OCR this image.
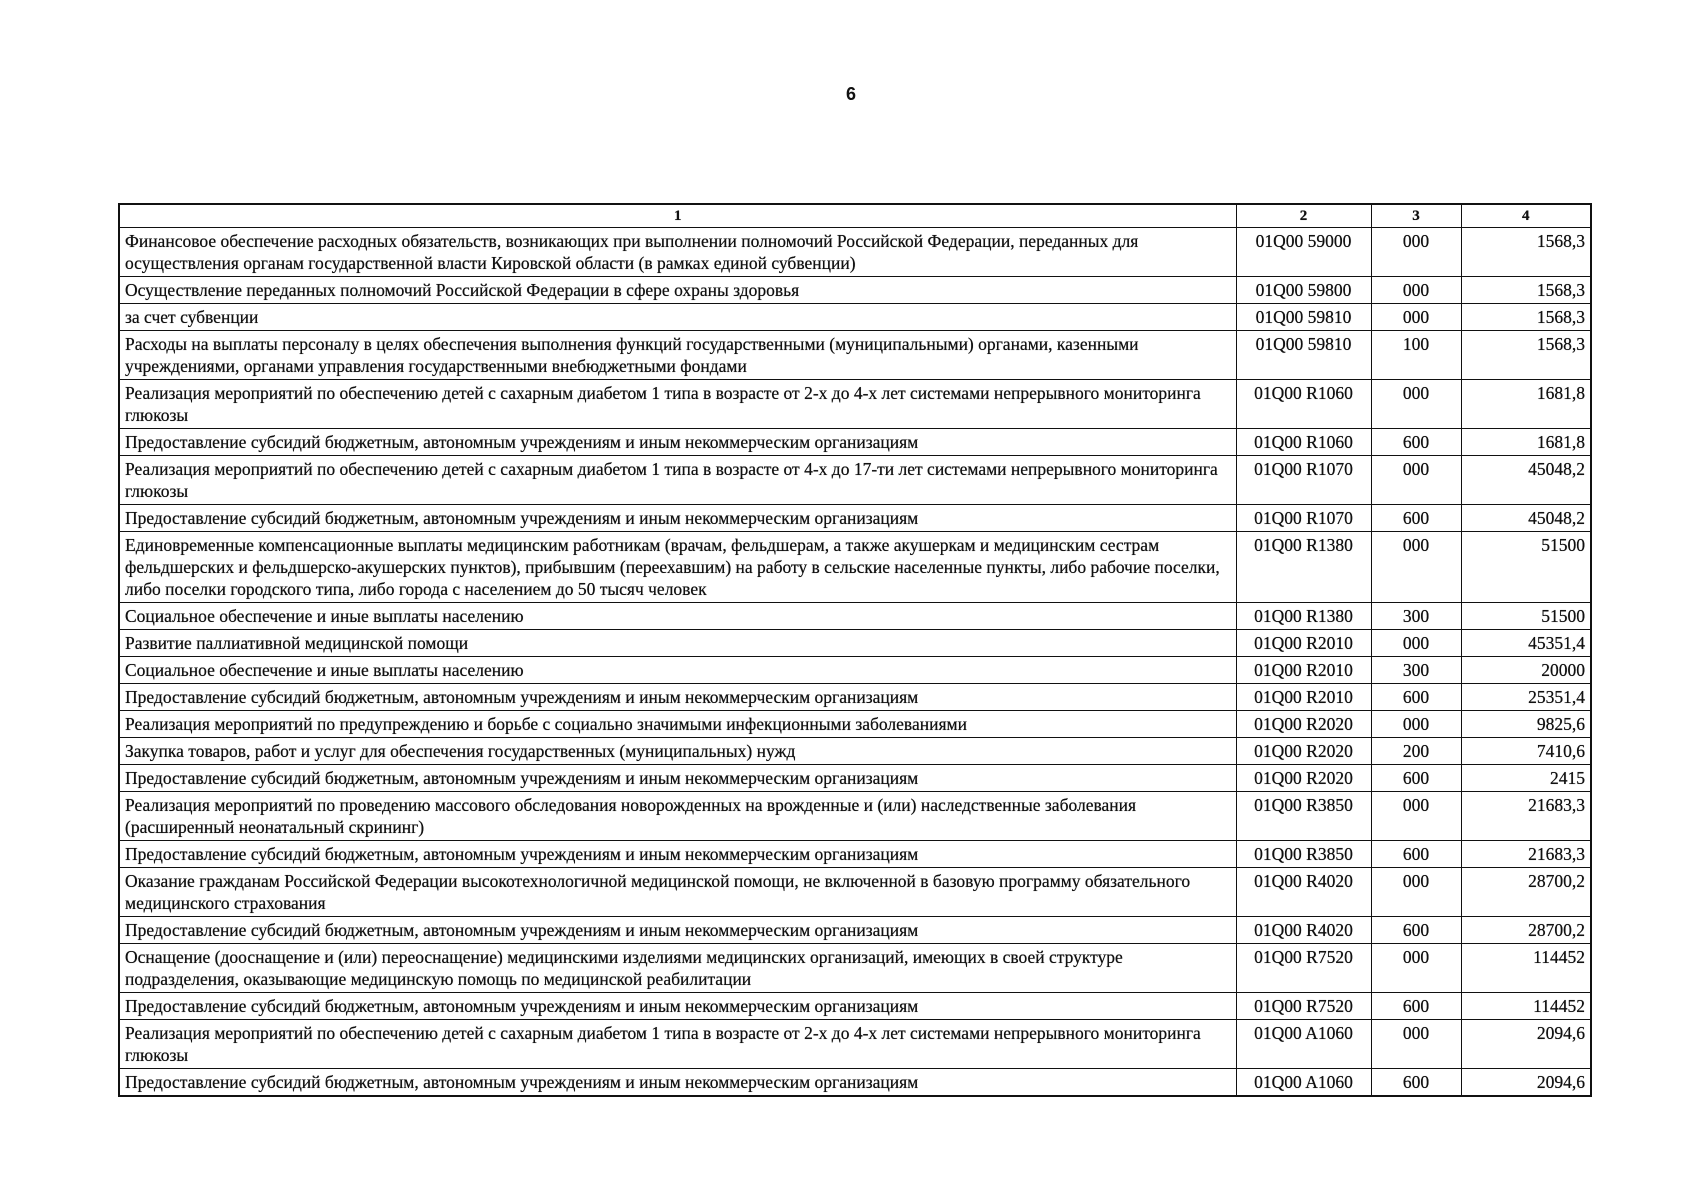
6
1	2	3	4
Финансовое обеспечение расходных обязательств, возникающих при выполнении полномочий Российской Федерации, переданных для осуществления органам государственной власти Кировской области (в рамках единой субвенции)	01Q00 59000	000	1568,3
Осуществление переданных полномочий Российской Федерации в сфере охраны здоровья	01Q00 59800	000	1568,3
за счет субвенции	01Q00 59810	000	1568,3
Расходы на выплаты персоналу в целях обеспечения выполнения функций государственными (муниципальными) органами, казенными учреждениями, органами управления государственными внебюджетными фондами	01Q00 59810	100	1568,3
Реализация мероприятий по обеспечению детей с сахарным диабетом 1 типа в возрасте от 2-х до 4-х лет системами непрерывного мониторинга глюкозы	01Q00 R1060	000	1681,8
Предоставление субсидий бюджетным, автономным учреждениям и иным некоммерческим организациям	01Q00 R1060	600	1681,8
Реализация мероприятий по обеспечению детей с сахарным диабетом 1 типа в возрасте от 4-х до 17-ти лет системами непрерывного мониторинга глюкозы	01Q00 R1070	000	45048,2
Предоставление субсидий бюджетным, автономным учреждениям и иным некоммерческим организациям	01Q00 R1070	600	45048,2
Единовременные компенсационные выплаты медицинским работникам (врачам, фельдшерам, а также акушеркам и медицинским сестрам фельдшерских и фельдшерско-акушерских пунктов), прибывшим (переехавшим) на работу в сельские населенные пункты, либо рабочие поселки, либо поселки городского типа, либо города с населением до 50 тысяч человек	01Q00 R1380	000	51500
Социальное обеспечение и иные выплаты населению	01Q00 R1380	300	51500
Развитие паллиативной медицинской помощи	01Q00 R2010	000	45351,4
Социальное обеспечение и иные выплаты населению	01Q00 R2010	300	20000
Предоставление субсидий бюджетным, автономным учреждениям и иным некоммерческим организациям	01Q00 R2010	600	25351,4
Реализация мероприятий по предупреждению и борьбе с социально значимыми инфекционными заболеваниями	01Q00 R2020	000	9825,6
Закупка товаров, работ и услуг для обеспечения государственных (муниципальных) нужд	01Q00 R2020	200	7410,6
Предоставление субсидий бюджетным, автономным учреждениям и иным некоммерческим организациям	01Q00 R2020	600	2415
Реализация мероприятий по проведению массового обследования новорожденных на врожденные и (или) наследственные заболевания (расширенный неонатальный скрининг)	01Q00 R3850	000	21683,3
Предоставление субсидий бюджетным, автономным учреждениям и иным некоммерческим организациям	01Q00 R3850	600	21683,3
Оказание гражданам Российской Федерации высокотехнологичной медицинской помощи, не включенной в базовую программу обязательного медицинского страхования	01Q00 R4020	000	28700,2
Предоставление субсидий бюджетным, автономным учреждениям и иным некоммерческим организациям	01Q00 R4020	600	28700,2
Оснащение (дооснащение и (или) переоснащение) медицинскими изделиями медицинских организаций, имеющих в своей структуре подразделения, оказывающие медицинскую помощь по медицинской реабилитации	01Q00 R7520	000	114452
Предоставление субсидий бюджетным, автономным учреждениям и иным некоммерческим организациям	01Q00 R7520	600	114452
Реализация мероприятий по обеспечению детей с сахарным диабетом 1 типа в возрасте от 2-х до 4-х лет системами непрерывного мониторинга глюкозы	01Q00 A1060	000	2094,6
Предоставление субсидий бюджетным, автономным учреждениям и иным некоммерческим организациям	01Q00 A1060	600	2094,6
